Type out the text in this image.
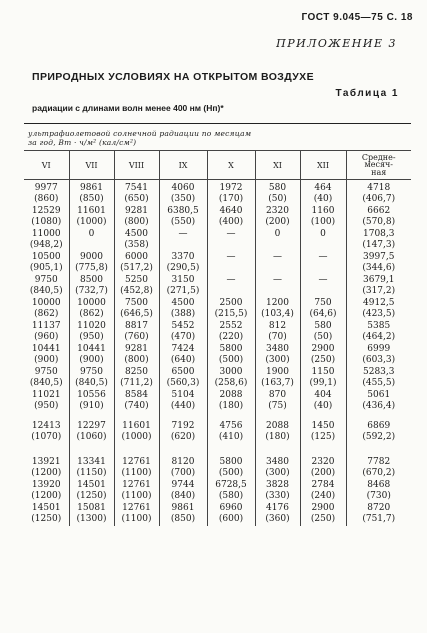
ГОСТ 9.045—75 С. 18
ПРИЛОЖЕНИЕ 3
ПРИРОДНЫХ УСЛОВИЯХ НА ОТКРЫТОМ ВОЗДУХЕ
Таблица 1
радиации с длинами волн менее 400 нм (Нп)*
ультрафиолетовой солнечной радиации по месяцам
за год, Вт · ч/м² (кал/см²)
VI	VII	VIII	IX	X	XI	XII	Средне-
месяч-
ная

9977
(860)	9861
(850)	7541
(650)	4060
(350)	1972
(170)	580
(50)	464
(40)	4718
(406,7)

12529
(1080)	11601
(1000)	9281
(800)	6380,5
(550)	4640
(400)	2320
(200)	1160
(100)	6662
(570,8)

11000
(948,2)	0	4500
(358)	—	—	0	0	1708,3
(147,3)

10500
(905,1)	9000
(775,8)	6000
(517,2)	3370
(290,5)	—	—	—	3997,5
(344,6)

9750
(840,5)	8500
(732,7)	5250
(452,8)	3150
(271,5)	—	—	—	3679,1
(317,2)

10000
(862)	10000
(862)	7500
(646,5)	4500
(388)	2500
(215,5)	1200
(103,4)	750
(64,6)	4912,5
(423,5)

11137
(960)	11020
(950)	8817
(760)	5452
(470)	2552
(220)	812
(70)	580
(50)	5385
(464,2)

10441
(900)	10441
(900)	9281
(800)	7424
(640)	5800
(500)	3480
(300)	2900
(250)	6999
(603,3)

9750
(840,5)	9750
(840,5)	8250
(711,2)	6500
(560,3)	3000
(258,6)	1900
(163,7)	1150
(99,1)	5283,3
(455,5)

11021
(950)	10556
(910)	8584
(740)	5104
(440)	2088
(180)	870
(75)	404
(40)	5061
(436,4)

12413
(1070)	12297
(1060)	11601
(1000)	7192
(620)	4756
(410)	2088
(180)	1450
(125)	6869
(592,2)

13921
(1200)	13341
(1150)	12761
(1100)	8120
(700)	5800
(500)	3480
(300)	2320
(200)	7782
(670,2)

13920
(1200)	14501
(1250)	12761
(1100)	9744
(840)	6728,5
(580)	3828
(330)	2784
(240)	8468
(730)

14501
(1250)	15081
(1300)	12761
(1100)	9861
(850)	6960
(600)	4176
(360)	2900
(250)	8720
(751,7)
